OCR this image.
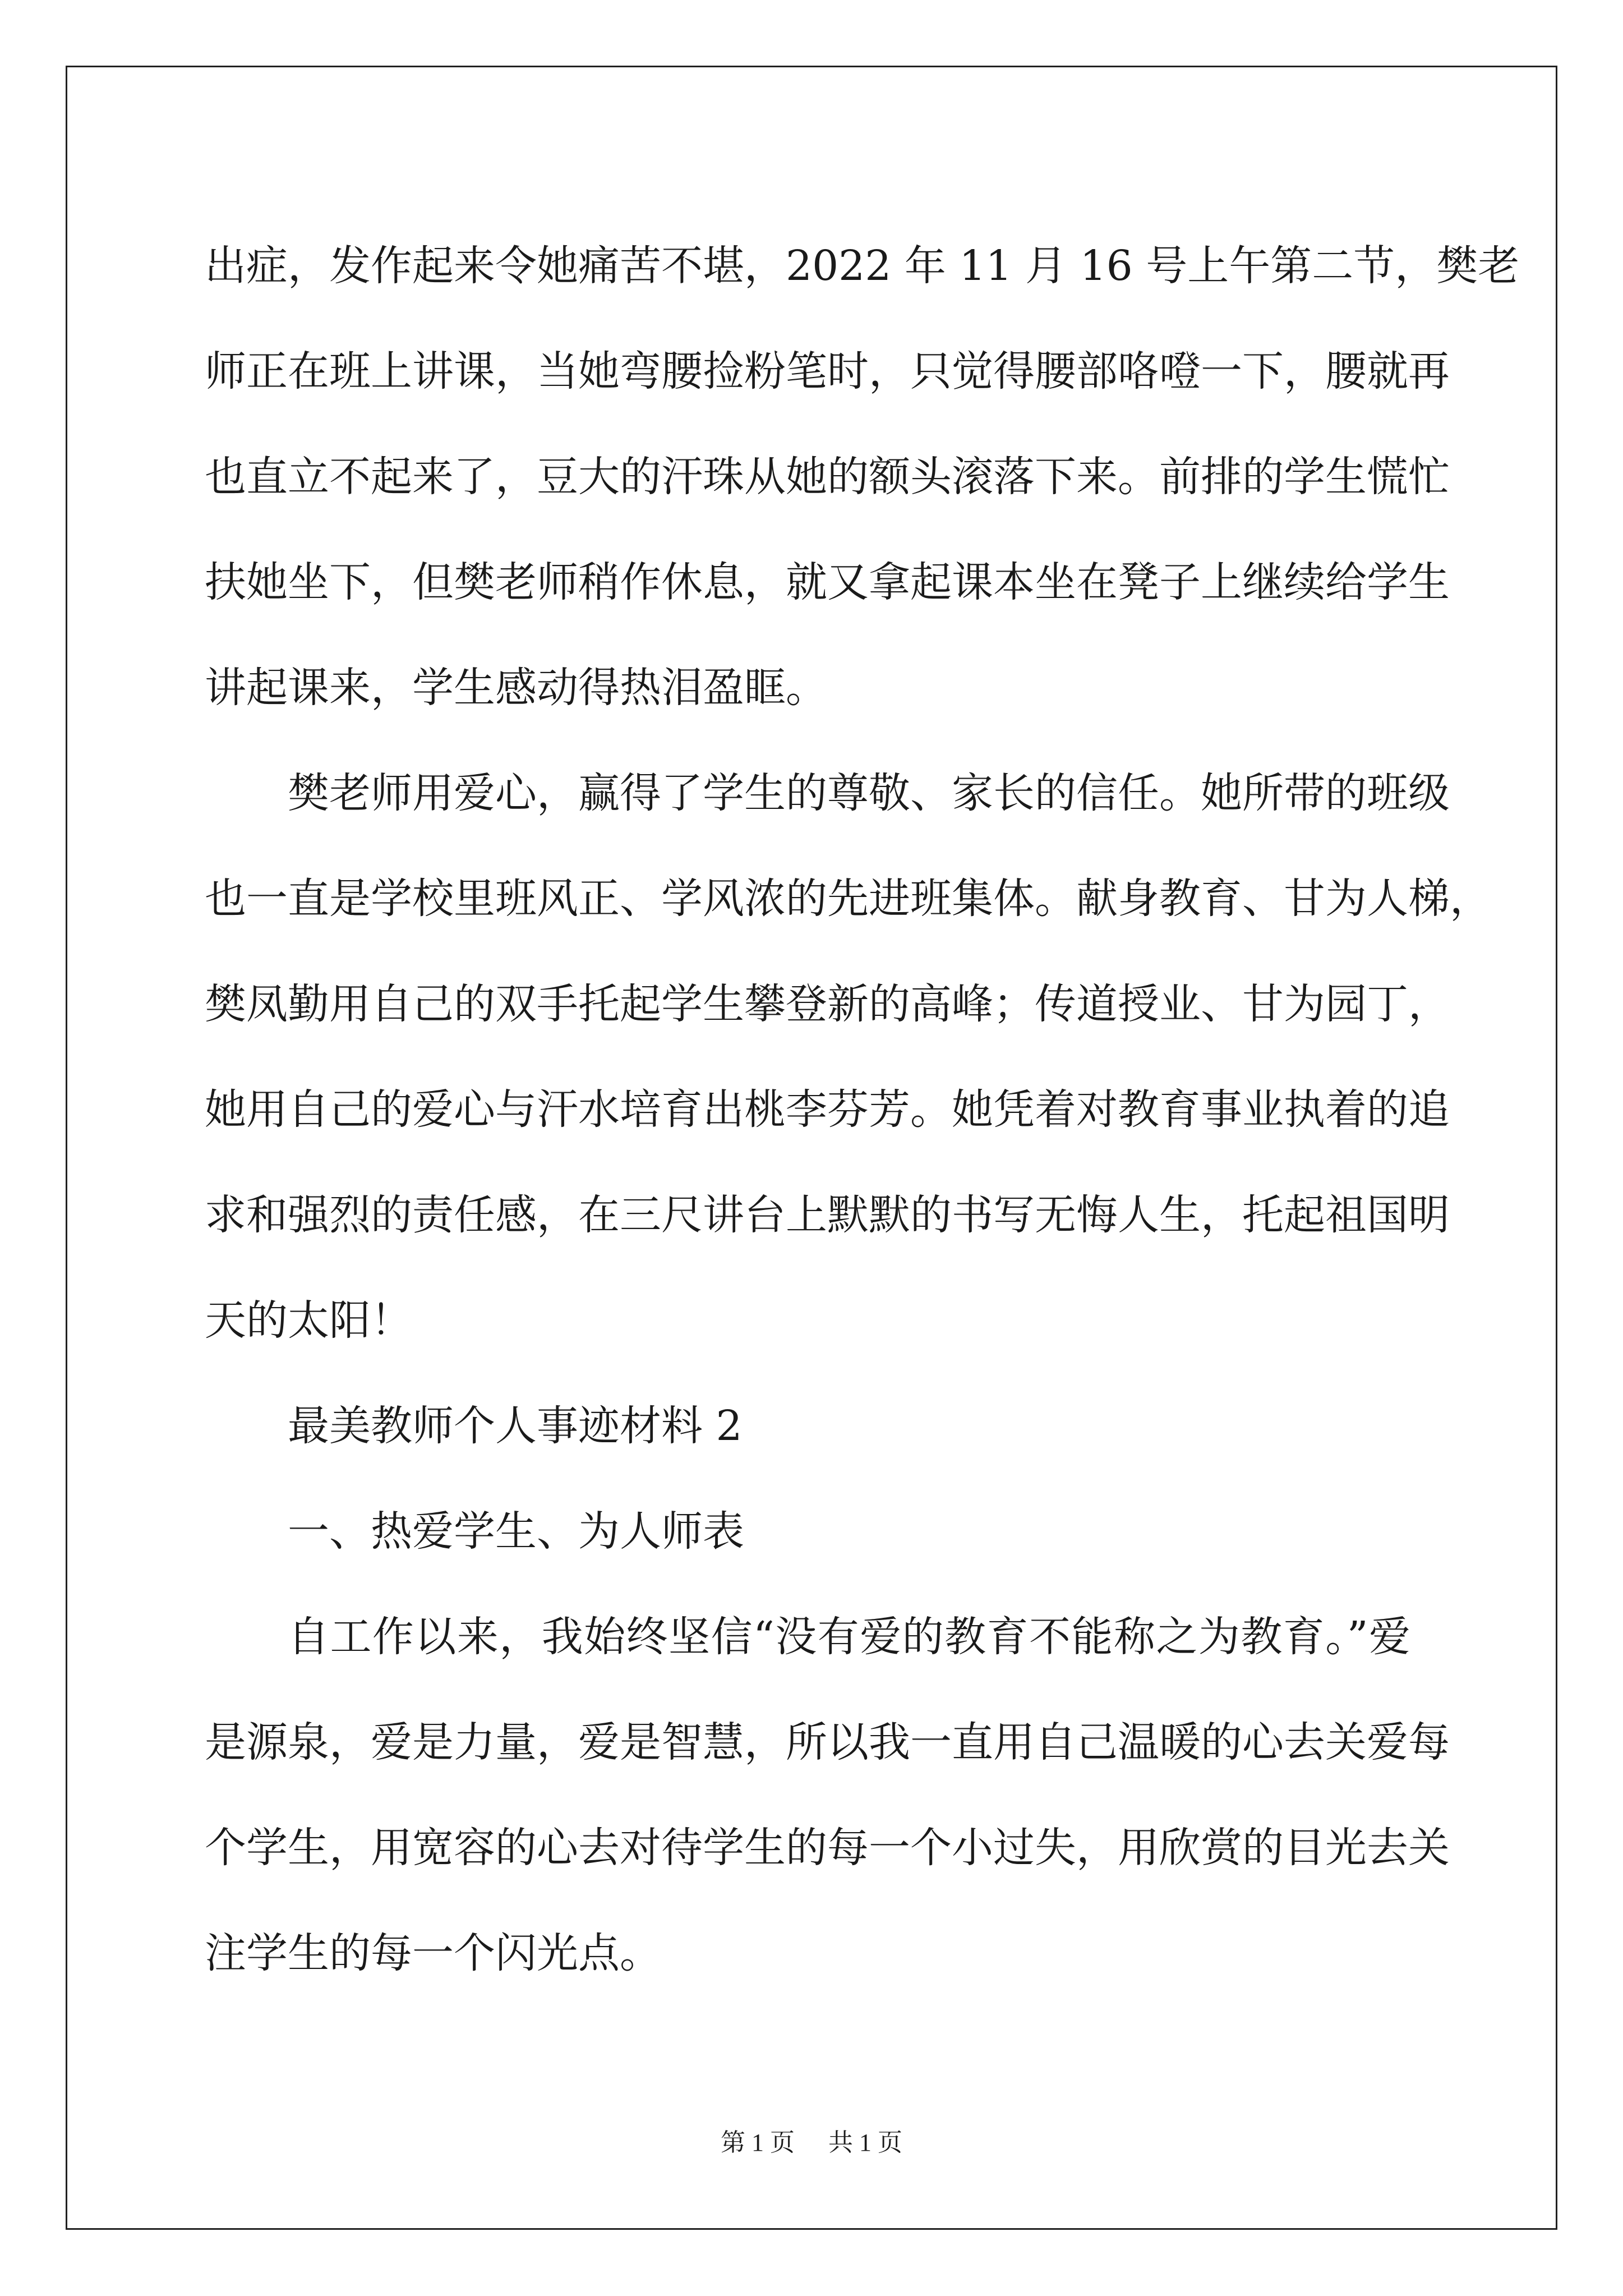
出症，发作起来令她痛苦不堪，2022 年 11 月 16 号上午第二节，樊老
师正在班上讲课，当她弯腰捡粉笔时，只觉得腰部咯噔一下，腰就再
也直立不起来了，豆大的汗珠从她的额头滚落下来。前排的学生慌忙
扶她坐下，但樊老师稍作休息，就又拿起课本坐在凳子上继续给学生
讲起课来，学生感动得热泪盈眶。
樊老师用爱心，赢得了学生的尊敬、家长的信任。她所带的班级
也一直是学校里班风正、学风浓的先进班集体。献身教育、甘为人梯，
樊凤勤用自己的双手托起学生攀登新的高峰；传道授业、甘为园丁，
她用自己的爱心与汗水培育出桃李芬芳。她凭着对教育事业执着的追
求和强烈的责任感，在三尺讲台上默默的书写无悔人生，托起祖国明
天的太阳！
最美教师个人事迹材料 2
一、热爱学生、为人师表
自工作以来，我始终坚信“没有爱的教育不能称之为教育。”爱
是源泉，爱是力量，爱是智慧，所以我一直用自己温暖的心去关爱每
个学生，用宽容的心去对待学生的每一个小过失，用欣赏的目光去关
注学生的每一个闪光点。
第 1 页 共 1 页
